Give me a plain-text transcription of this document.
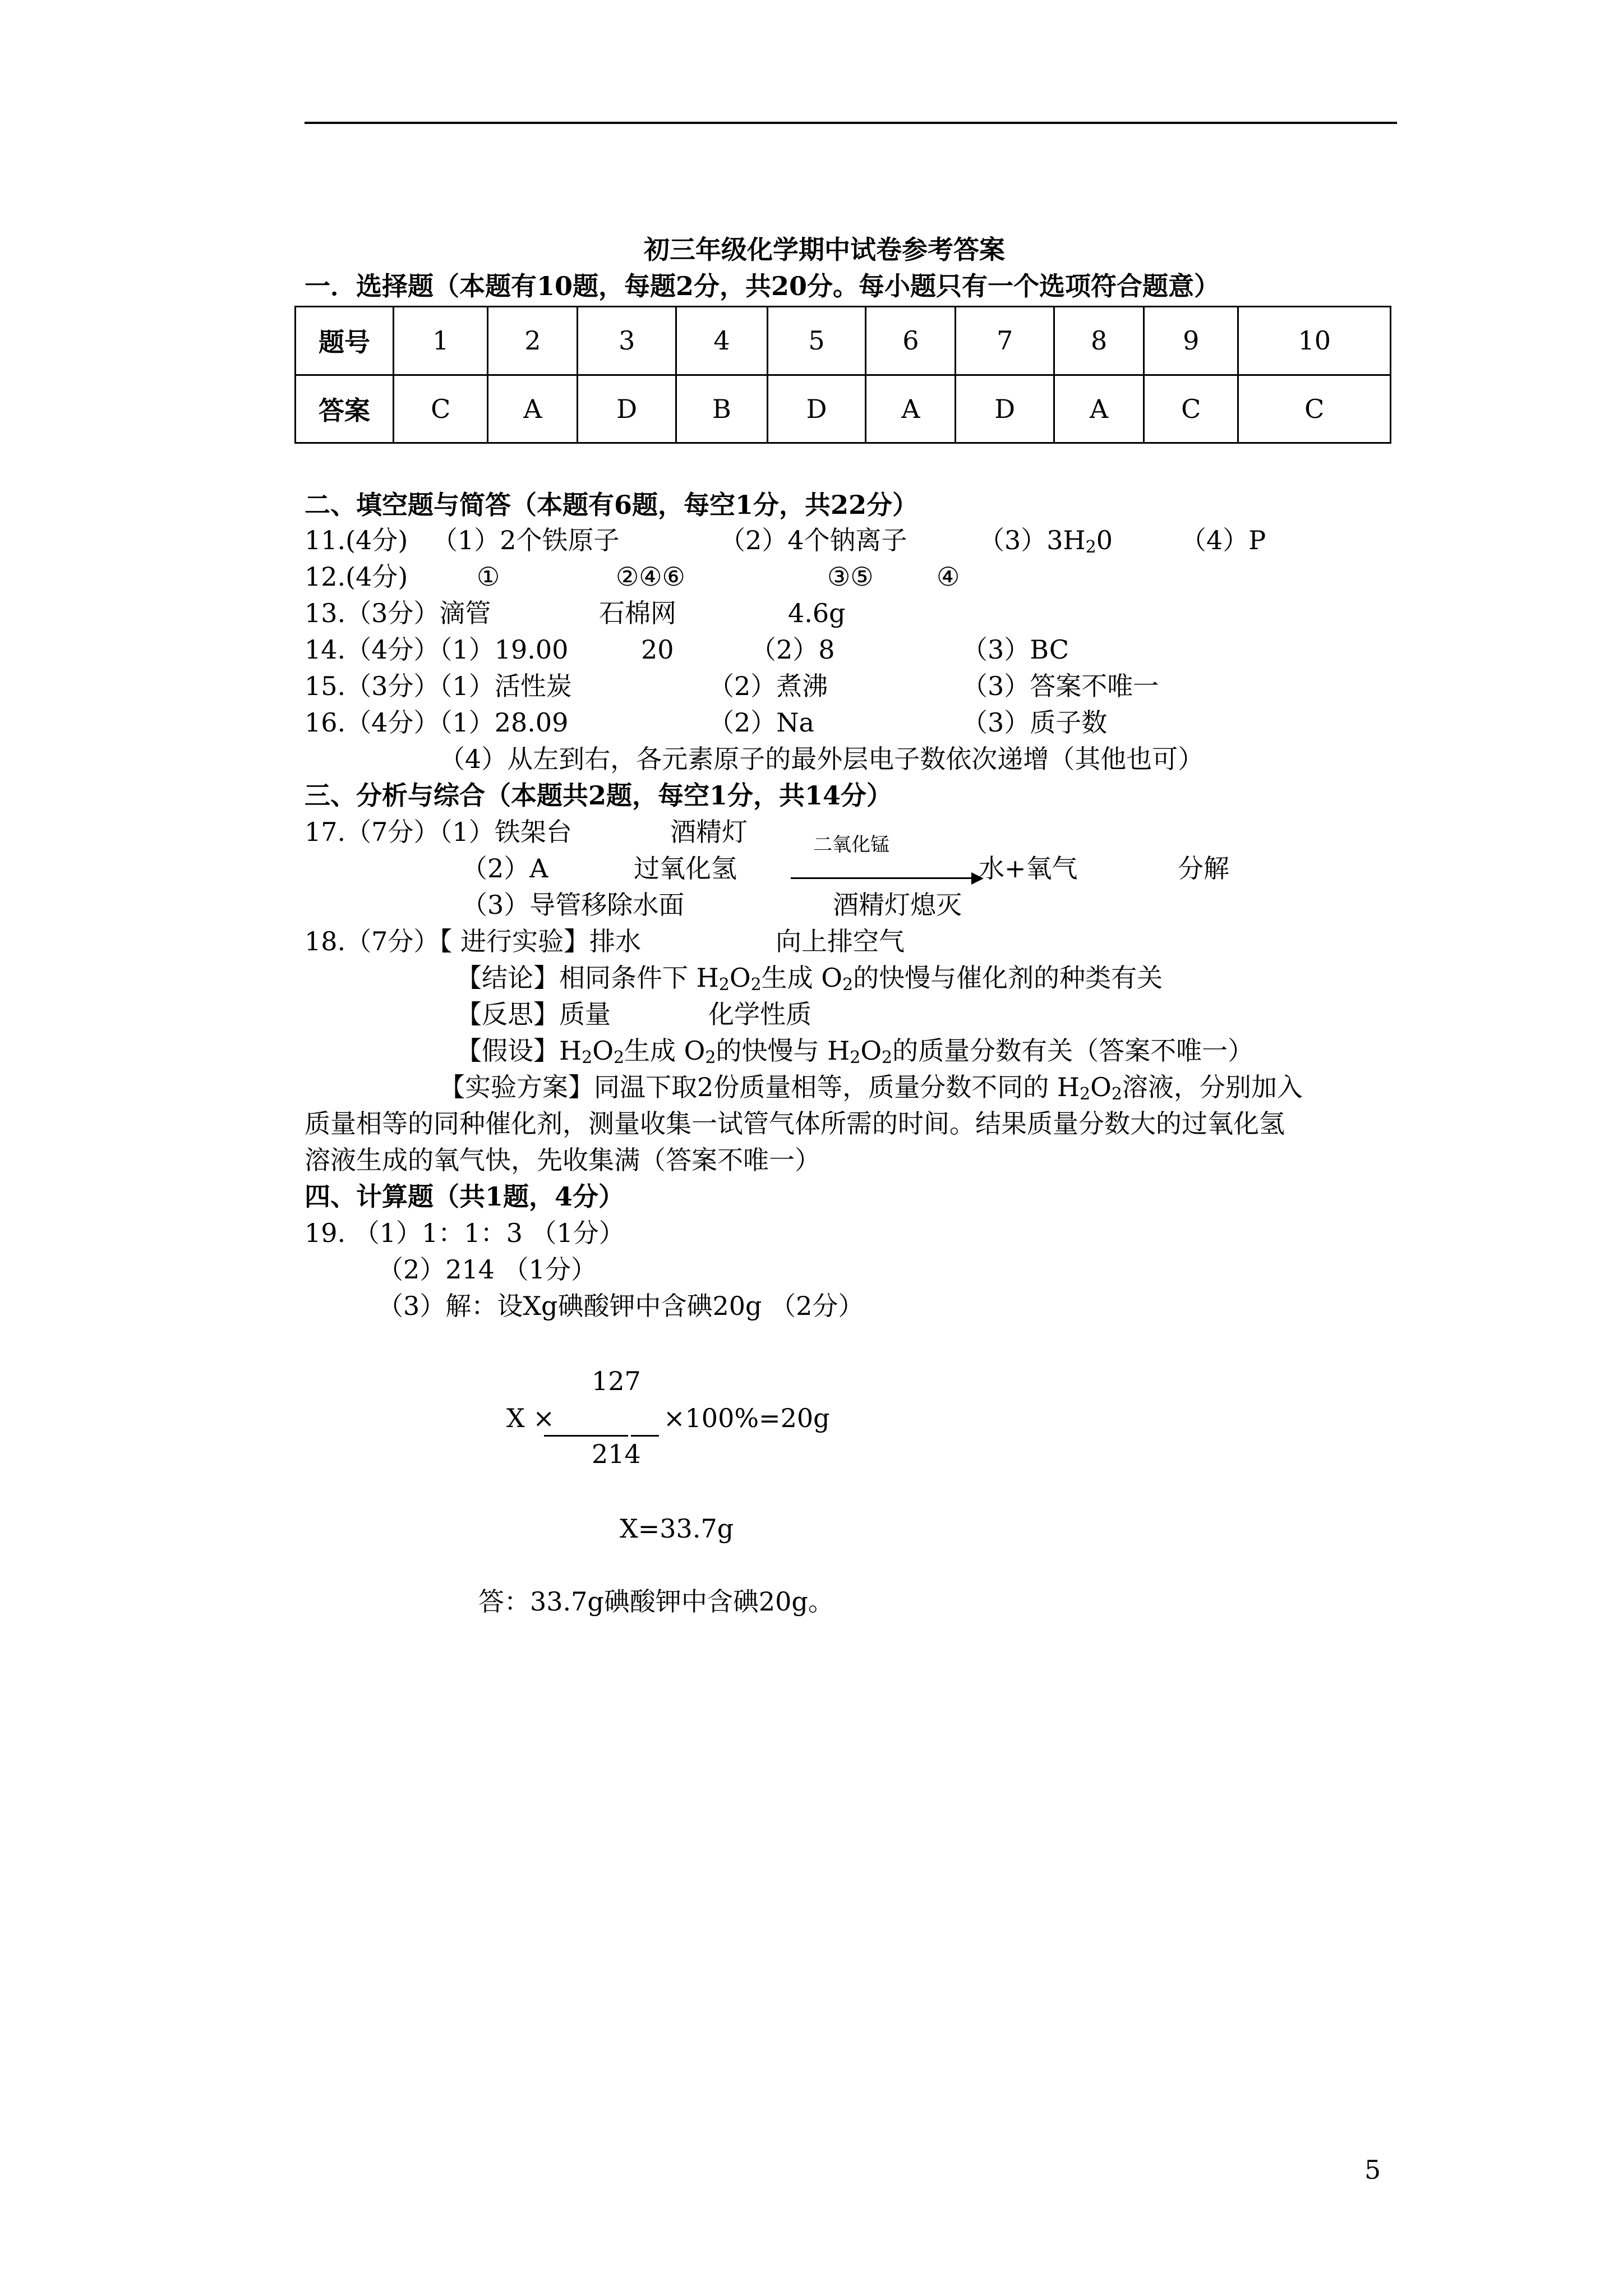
初三年级化学期中试卷参考答案
一．选择题（本题有10题，每题2分，共20分。每小题只有一个选项符合题意）
题号	1	2	3	4	5	6	7	8	9	10
答案	C	A	D	B	D	A	D	A	C	C
二、填空题与简答（本题有6题，每空1分，共22分）
11.(4分) （1）2个铁原子	（2）4个钠离子	$(3)3H_20$	（4）P
12.(4分)	①	②④⑥	③⑤ ④
13.（3分）滴管	石棉网	4.6g
14.（4分）（1）19.00	20	（2）8	（3）BC
15.（3分）（1）活性炭	（2）煮沸	（3）答案不唯一
16.（4分）（1）28.09	（2）Na	（3）质子数
（4）从左到右，各元素原子的最外层电子数依次递增（其他也可）
三、分析与综合（本题共2题，每空1分，共14分）
17.（7分）（1）铁架台	酒精灯	二氧化锰
（2）A	过氧化氢	水+氧气	分解
（3）导管移除水面	酒精灯熄灭
18.（7分）【 进行实验】排水	向上排空气
【结论】相同条件下 $H_2O_2$生成 $O_2$的快慢与催化剂的种类有关
【反思】质量	化学性质
【假设】$H_2O_2$生成 $O_2$的快慢与 $H_2O_2$的质量分数有关（答案不唯一）
【实验方案】同温下取2份质量相等，质量分数不同的 $H_2O_2$溶液，分别加入
质量相等的同种催化剂，测量收集一试管气体所需的时间。结果质量分数大的过氧化氢
溶液生成的氧气快，先收集满（答案不唯一）
四、计算题（共1题，4分）
19. （1）1：1：3 （1分）
（2）214 （1分）
（3）解：设Xg碘酸钾中含碘20g （2分）
127
X ×	×100%=20g
214
X=33.7g
答：33.7g碘酸钾中含碘20g。
5
